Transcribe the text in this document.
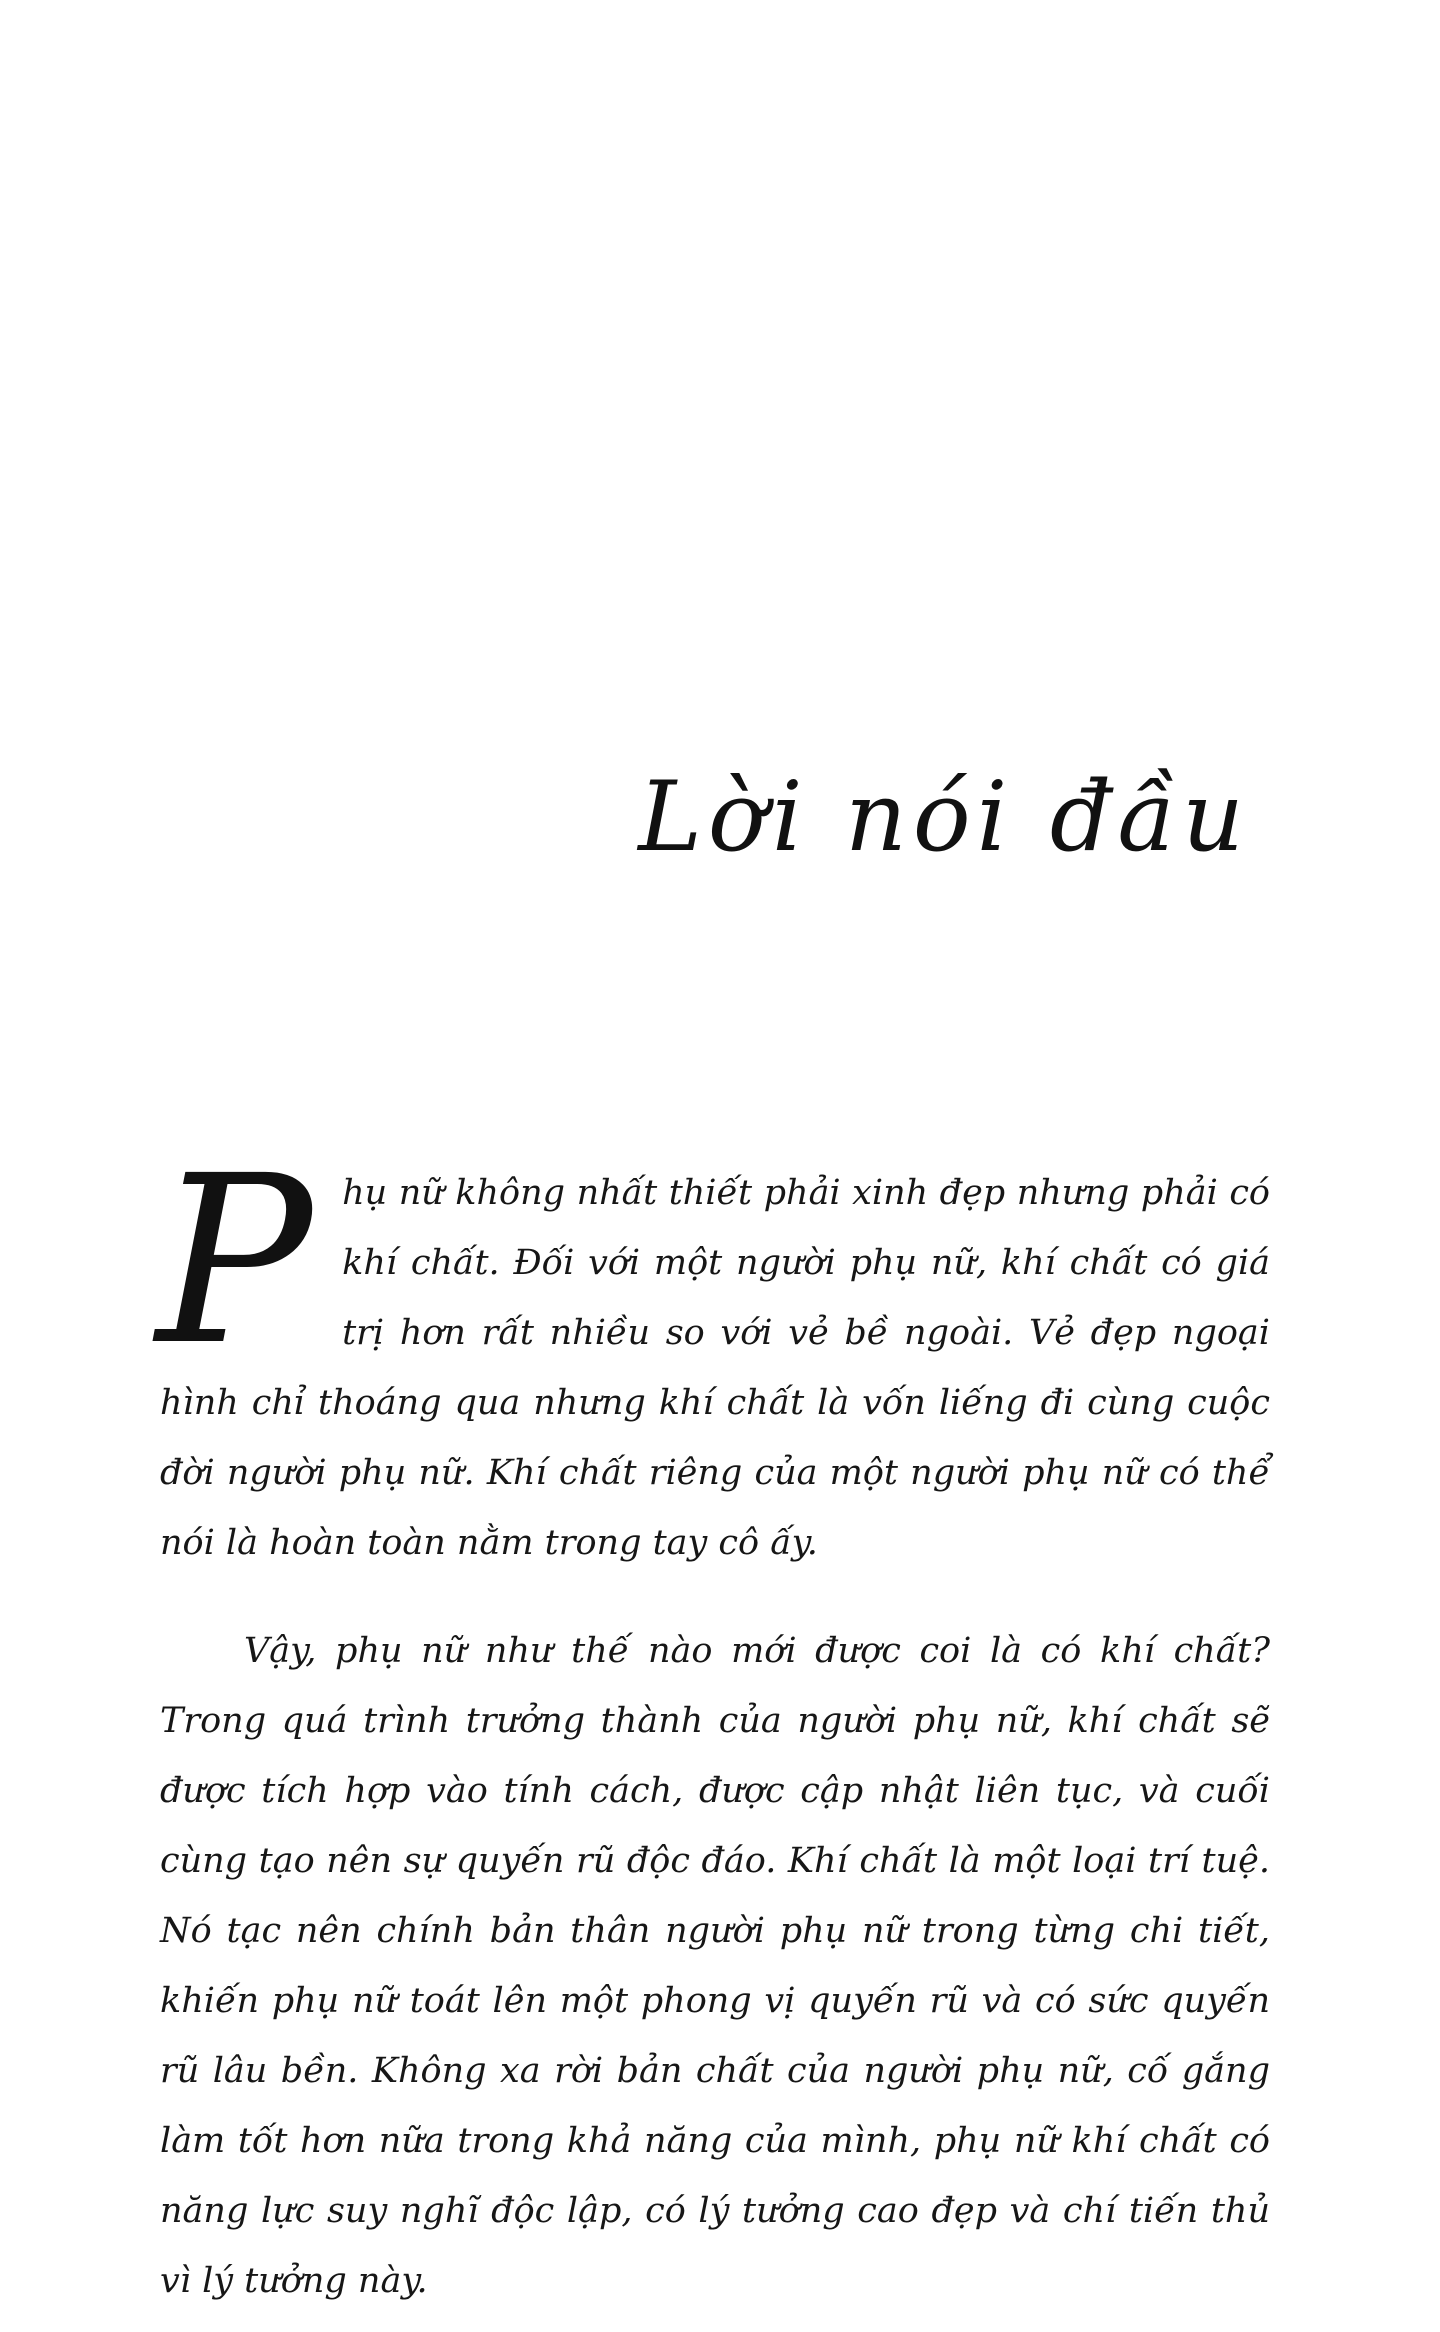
Lời nói đầu

Phụ nữ không nhất thiết phải xinh đẹp nhưng phải có khí chất. Đối với một người phụ nữ, khí chất có giá trị hơn rất nhiều so với vẻ bề ngoài. Vẻ đẹp ngoại hình chỉ thoáng qua nhưng khí chất là vốn liếng đi cùng cuộc đời người phụ nữ. Khí chất riêng của một người phụ nữ có thể nói là hoàn toàn nằm trong tay cô ấy.

Vậy, phụ nữ như thế nào mới được coi là có khí chất? Trong quá trình trưởng thành của người phụ nữ, khí chất sẽ được tích hợp vào tính cách, được cập nhật liên tục, và cuối cùng tạo nên sự quyến rũ độc đáo. Khí chất là một loại trí tuệ. Nó tạc nên chính bản thân người phụ nữ trong từng chi tiết, khiến phụ nữ toát lên một phong vị quyến rũ và có sức quyến rũ lâu bền. Không xa rời bản chất của người phụ nữ, cố gắng làm tốt hơn nữa trong khả năng của mình, phụ nữ khí chất có năng lực suy nghĩ độc lập, có lý tưởng cao đẹp và chí tiến thủ vì lý tưởng này.
